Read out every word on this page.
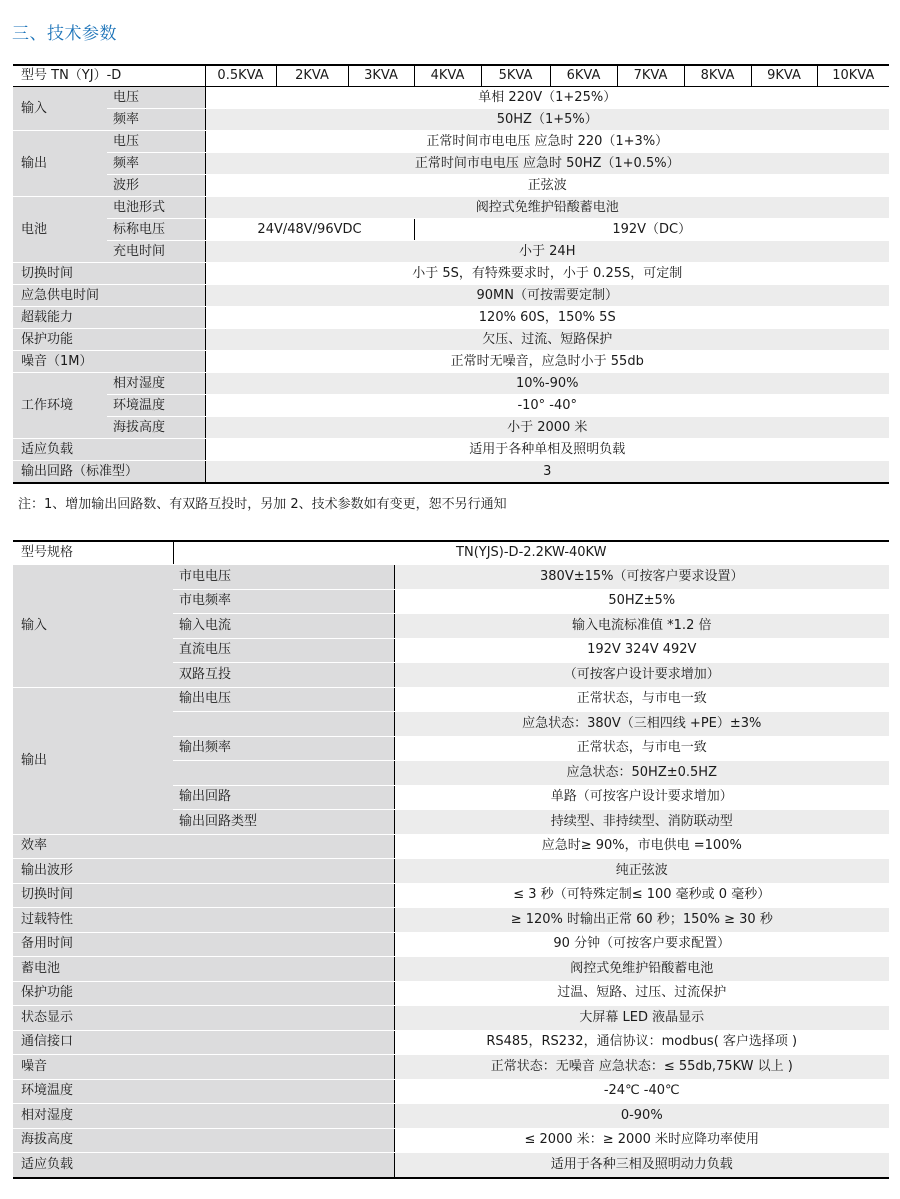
三、技术参数
型号 TN（YJ）-D		0.5KVA	2KVA	3KVA	4KVA	5KVA	6KVA	7KVA	8KVA	9KVA	10KVA
输入	电压	单相 220V（1+25%）									
	频率	50HZ（1+5%）									
输出	电压	正常时间市电电压 应急时 220（1+3%）									
	频率	正常时间市电电压 应急时 50HZ（1+0.5%）									
	波形	正弦波									
电池	电池形式	阀控式免维护铅酸蓄电池									
	标称电压	24V/48V/96VDC			192V（DC）						
	充电时间	小于 24H									
切换时间		小于 5S，有特殊要求时，小于 0.25S，可定制									
应急供电时间		90MN（可按需要定制）									
超载能力		120% 60S，150% 5S									
保护功能		欠压、过流、短路保护									
噪音（1M）		正常时无噪音，应急时小于 55db									
工作环境	相对湿度	10%-90%									
	环境温度	-10° -40°									
	海拔高度	小于 2000 米									
适应负载		适用于各种单相及照明负载									
输出回路（标准型）		3									

注：1、增加输出回路数、有双路互投时，另加 2、技术参数如有变更，恕不另行通知

型号规格	TN(YJS)-D-2.2KW-40KW	
输入	市电电压	380V±15%（可按客户要求设置）
	市电频率	50HZ±5%
	输入电流	输入电流标准值 *1.2 倍
	直流电压	192V 324V 492V
	双路互投	（可按客户设计要求增加）
输出	输出电压	正常状态，与市电一致
		应急状态：380V（三相四线 +PE）±3%
	输出频率	正常状态，与市电一致
		应急状态：50HZ±0.5HZ
	输出回路	单路（可按客户设计要求增加）
	输出回路类型	持续型、非持续型、消防联动型
效率		应急时≥ 90%，市电供电 =100%
输出波形		纯正弦波
切换时间		≤ 3 秒（可特殊定制≤ 100 毫秒或 0 毫秒）
过载特性		≥ 120% 时输出正常 60 秒；150% ≥ 30 秒
备用时间		90 分钟（可按客户要求配置）
蓄电池		阀控式免维护铅酸蓄电池
保护功能		过温、短路、过压、过流保护
状态显示		大屏幕 LED 液晶显示
通信接口		RS485，RS232，通信协议：modbus( 客户选择项 )
噪音		正常状态：无噪音 应急状态：≤ 55db,75KW 以上 )
环境温度		-24℃ -40℃
相对湿度		0-90%
海拔高度		≤ 2000 米：≥ 2000 米时应降功率使用
适应负载		适用于各种三相及照明动力负载
